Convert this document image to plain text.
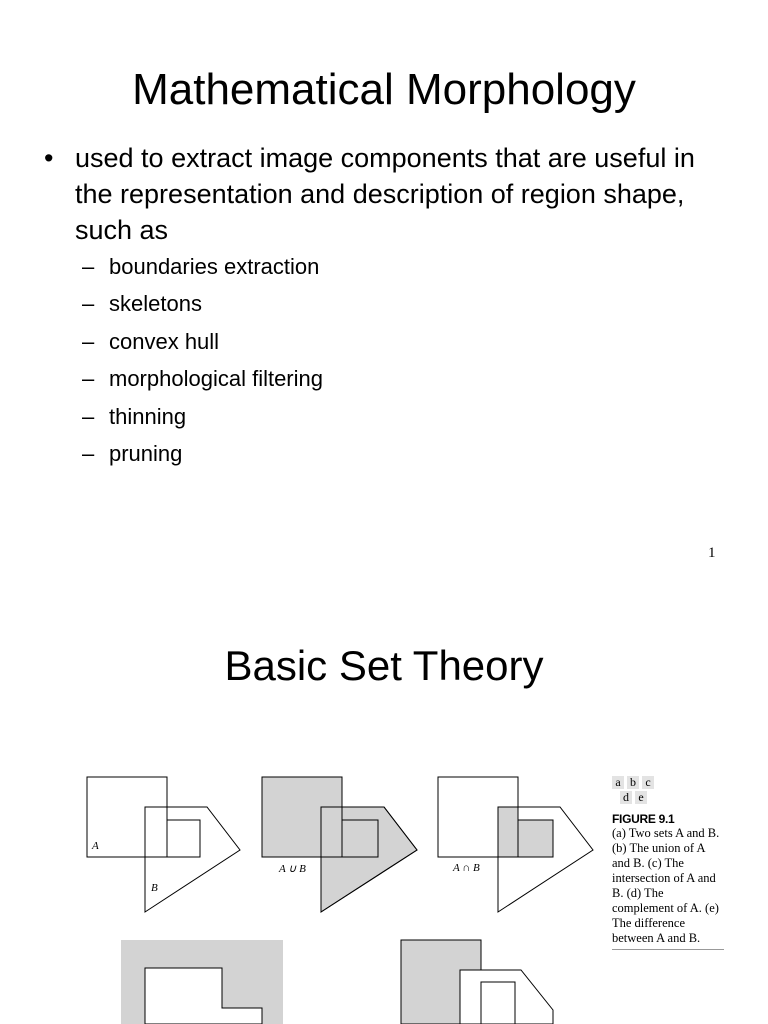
Mathematical Morphology
• used to extract image components that are useful in the representation and description of region shape, such as
– boundaries extraction
– skeletons
– convex hull
– morphological filtering
– thinning
– pruning
1
Basic Set Theory
A
B
A ∪ B	A ∩ B
a b c
d e
FIGURE 9.1
(a) Two sets A and B. (b) The union of A and B. (c) The intersection of A and B. (d) The complement of A. (e) The difference between A and B.
